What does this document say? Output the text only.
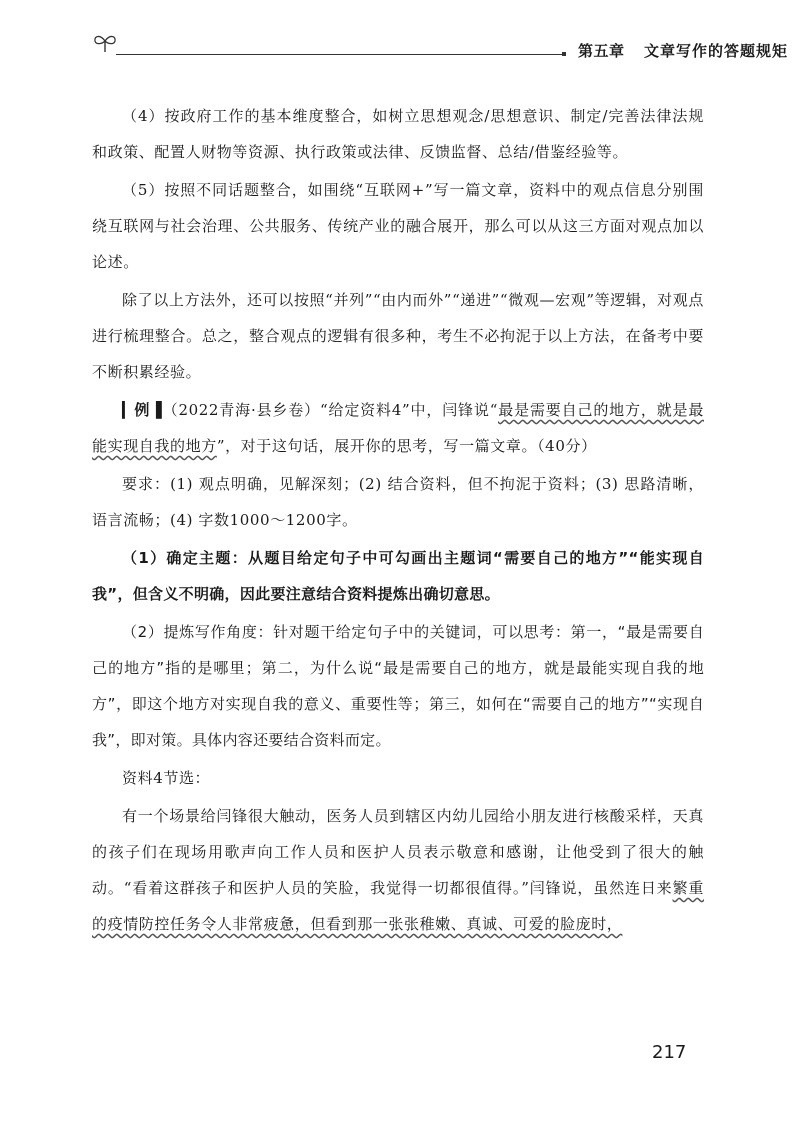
第五章 文章写作的答题规矩

（4）按政府工作的基本维度整合，如树立思想观念/思想意识、制定/完善法律法规和政策、配置人财物等资源、执行政策或法律、反馈监督、总结/借鉴经验等。

（5）按照不同话题整合，如围绕“互联网+”写一篇文章，资料中的观点信息分别围绕互联网与社会治理、公共服务、传统产业的融合展开，那么可以从这三方面对观点加以论述。

除了以上方法外，还可以按照“并列”“由内而外”“递进”“微观—宏观”等逻辑，对观点进行梳理整合。总之，整合观点的逻辑有很多种，考生不必拘泥于以上方法，在备考中要不断积累经验。

▎例▐（2022青海·县乡卷）“给定资料4”中，闫锋说“最是需要自己的地方，就是最能实现自我的地方”，对于这句话，展开你的思考，写一篇文章。（40分）

要求：(1) 观点明确，见解深刻；(2) 结合资料，但不拘泥于资料；(3) 思路清晰，语言流畅；(4) 字数1000～1200字。

（1）确定主题：从题目给定句子中可勾画出主题词“需要自己的地方”“能实现自我”，但含义不明确，因此要注意结合资料提炼出确切意思。

（2）提炼写作角度：针对题干给定句子中的关键词，可以思考：第一，“最是需要自己的地方”指的是哪里；第二，为什么说“最是需要自己的地方，就是最能实现自我的地方”，即这个地方对实现自我的意义、重要性等；第三，如何在“需要自己的地方”“实现自我”，即对策。具体内容还要结合资料而定。

资料4节选：

有一个场景给闫锋很大触动，医务人员到辖区内幼儿园给小朋友进行核酸采样，天真的孩子们在现场用歌声向工作人员和医护人员表示敬意和感谢，让他受到了很大的触动。“看着这群孩子和医护人员的笑脸，我觉得一切都很值得。”闫锋说，虽然连日来繁重的疫情防控任务令人非常疲惫，但看到那一张张稚嫩、真诚、可爱的脸庞时，

217
